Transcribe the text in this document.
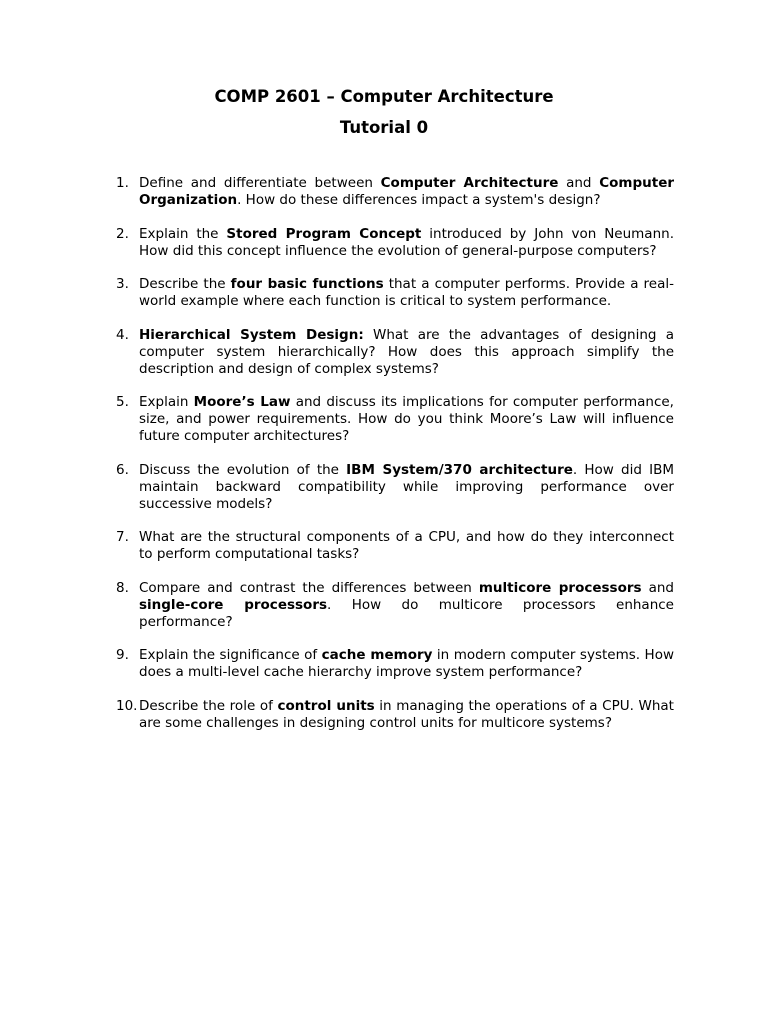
COMP 2601 – Computer Architecture
Tutorial 0
1. Define and differentiate between Computer Architecture and Computer Organization. How do these differences impact a system's design?
2. Explain the Stored Program Concept introduced by John von Neumann. How did this concept influence the evolution of general-purpose computers?
3. Describe the four basic functions that a computer performs. Provide a real-world example where each function is critical to system performance.
4. Hierarchical System Design: What are the advantages of designing a computer system hierarchically? How does this approach simplify the description and design of complex systems?
5. Explain Moore’s Law and discuss its implications for computer performance, size, and power requirements. How do you think Moore’s Law will influence future computer architectures?
6. Discuss the evolution of the IBM System/370 architecture. How did IBM maintain backward compatibility while improving performance over successive models?
7. What are the structural components of a CPU, and how do they interconnect to perform computational tasks?
8. Compare and contrast the differences between multicore processors and single-core processors. How do multicore processors enhance performance?
9. Explain the significance of cache memory in modern computer systems. How does a multi-level cache hierarchy improve system performance?
10. Describe the role of control units in managing the operations of a CPU. What are some challenges in designing control units for multicore systems?
